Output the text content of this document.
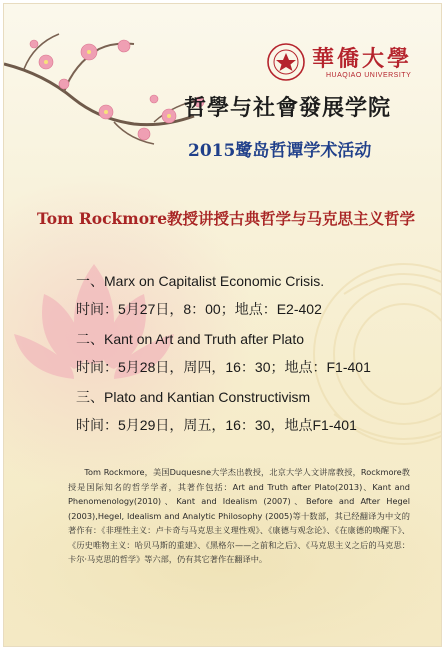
華僑大學
HUAQIAO UNIVERSITY
哲學与社會發展学院
2015鹭岛哲谭学术活动
Tom Rockmore教授讲授古典哲学与马克思主义哲学
一、Marx on Capitalist Economic Crisis.
时间：5月27日，8：00；地点：E2-402
二、Kant on Art and Truth after Plato
时间：5月28日，周四，16：30；地点：F1-401
三、Plato and Kantian Constructivism
时间：5月29日，周五，16：30，地点F1-401
Tom Rockmore，美国Duquesne大学杰出教授，北京大学人文讲席教授，Rockmore教授是国际知名的哲学学者，其著作包括：Art and Truth after Plato(2013)、Kant and Phenomenology(2010)、Kant and Idealism (2007)、Before and After Hegel (2003),Hegel, Idealism and Analytic Philosophy (2005)等十数部，其已经翻译为中文的著作有：《非理性主义：卢卡奇与马克思主义理性观》、《康德与观念论》、《在康德的唤醒下》、《历史唯物主义：哈贝马斯的重建》、《黑格尔——之前和之后》、《马克思主义之后的马克思：卡尔·马克思的哲学》等六部，仍有其它著作在翻译中。
